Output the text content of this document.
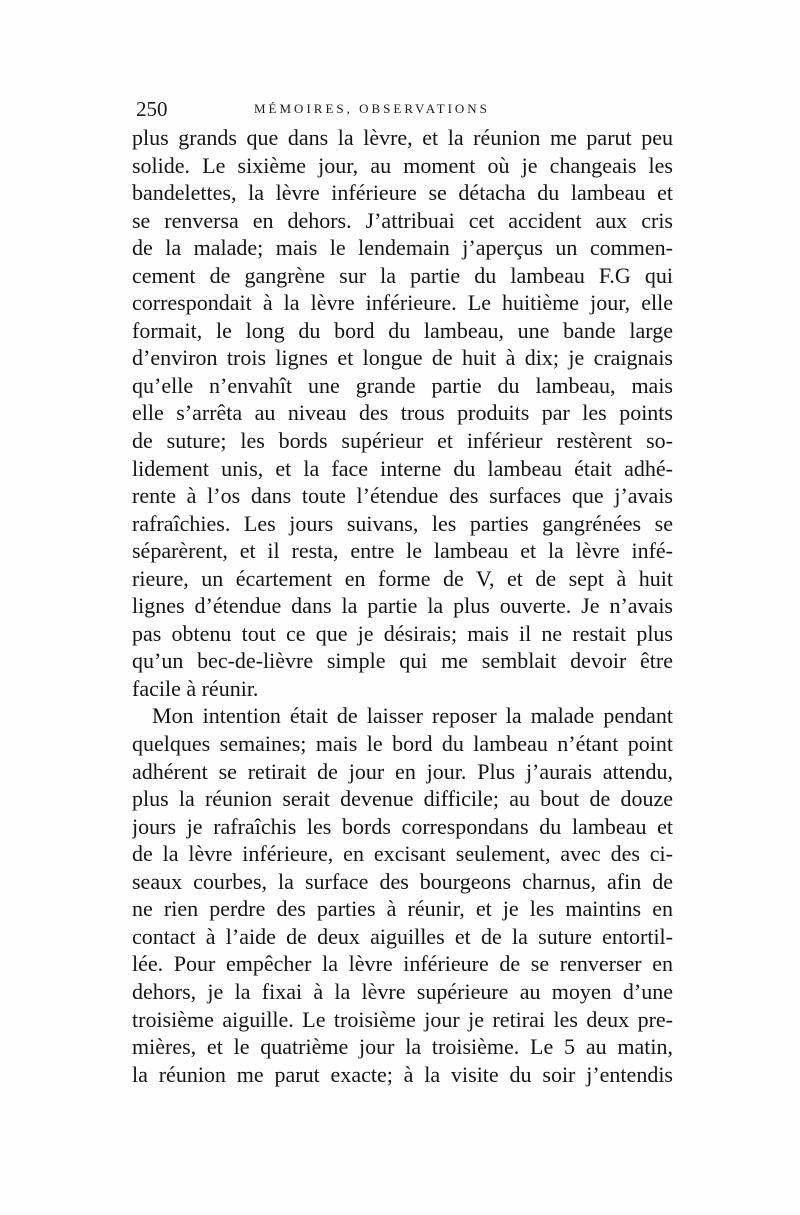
250	MÉMOIRES, OBSERVATIONS
plus grands que dans la lèvre, et la réunion me parut peu
solide. Le sixième jour, au moment où je changeais les
bandelettes, la lèvre inférieure se détacha du lambeau et
se renversa en dehors. J’attribuai cet accident aux cris
de la malade; mais le lendemain j’aperçus un commen-
cement de gangrène sur la partie du lambeau F.G qui
correspondait à la lèvre inférieure. Le huitième jour, elle
formait, le long du bord du lambeau, une bande large
d’environ trois lignes et longue de huit à dix; je craignais
qu’elle n’envahît une grande partie du lambeau, mais
elle s’arrêta au niveau des trous produits par les points
de suture; les bords supérieur et inférieur restèrent so-
lidement unis, et la face interne du lambeau était adhé-
rente à l’os dans toute l’étendue des surfaces que j’avais
rafraîchies. Les jours suivans, les parties gangrénées se
séparèrent, et il resta, entre le lambeau et la lèvre infé-
rieure, un écartement en forme de V, et de sept à huit
lignes d’étendue dans la partie la plus ouverte. Je n’avais
pas obtenu tout ce que je désirais; mais il ne restait plus
qu’un bec-de-lièvre simple qui me semblait devoir être
facile à réunir.
Mon intention était de laisser reposer la malade pendant
quelques semaines; mais le bord du lambeau n’étant point
adhérent se retirait de jour en jour. Plus j’aurais attendu,
plus la réunion serait devenue difficile; au bout de douze
jours je rafraîchis les bords correspondans du lambeau et
de la lèvre inférieure, en excisant seulement, avec des ci-
seaux courbes, la surface des bourgeons charnus, afin de
ne rien perdre des parties à réunir, et je les maintins en
contact à l’aide de deux aiguilles et de la suture entortil-
lée. Pour empêcher la lèvre inférieure de se renverser en
dehors, je la fixai à la lèvre supérieure au moyen d’une
troisième aiguille. Le troisième jour je retirai les deux pre-
mières, et le quatrième jour la troisième. Le 5 au matin,
la réunion me parut exacte; à la visite du soir j’entendis
